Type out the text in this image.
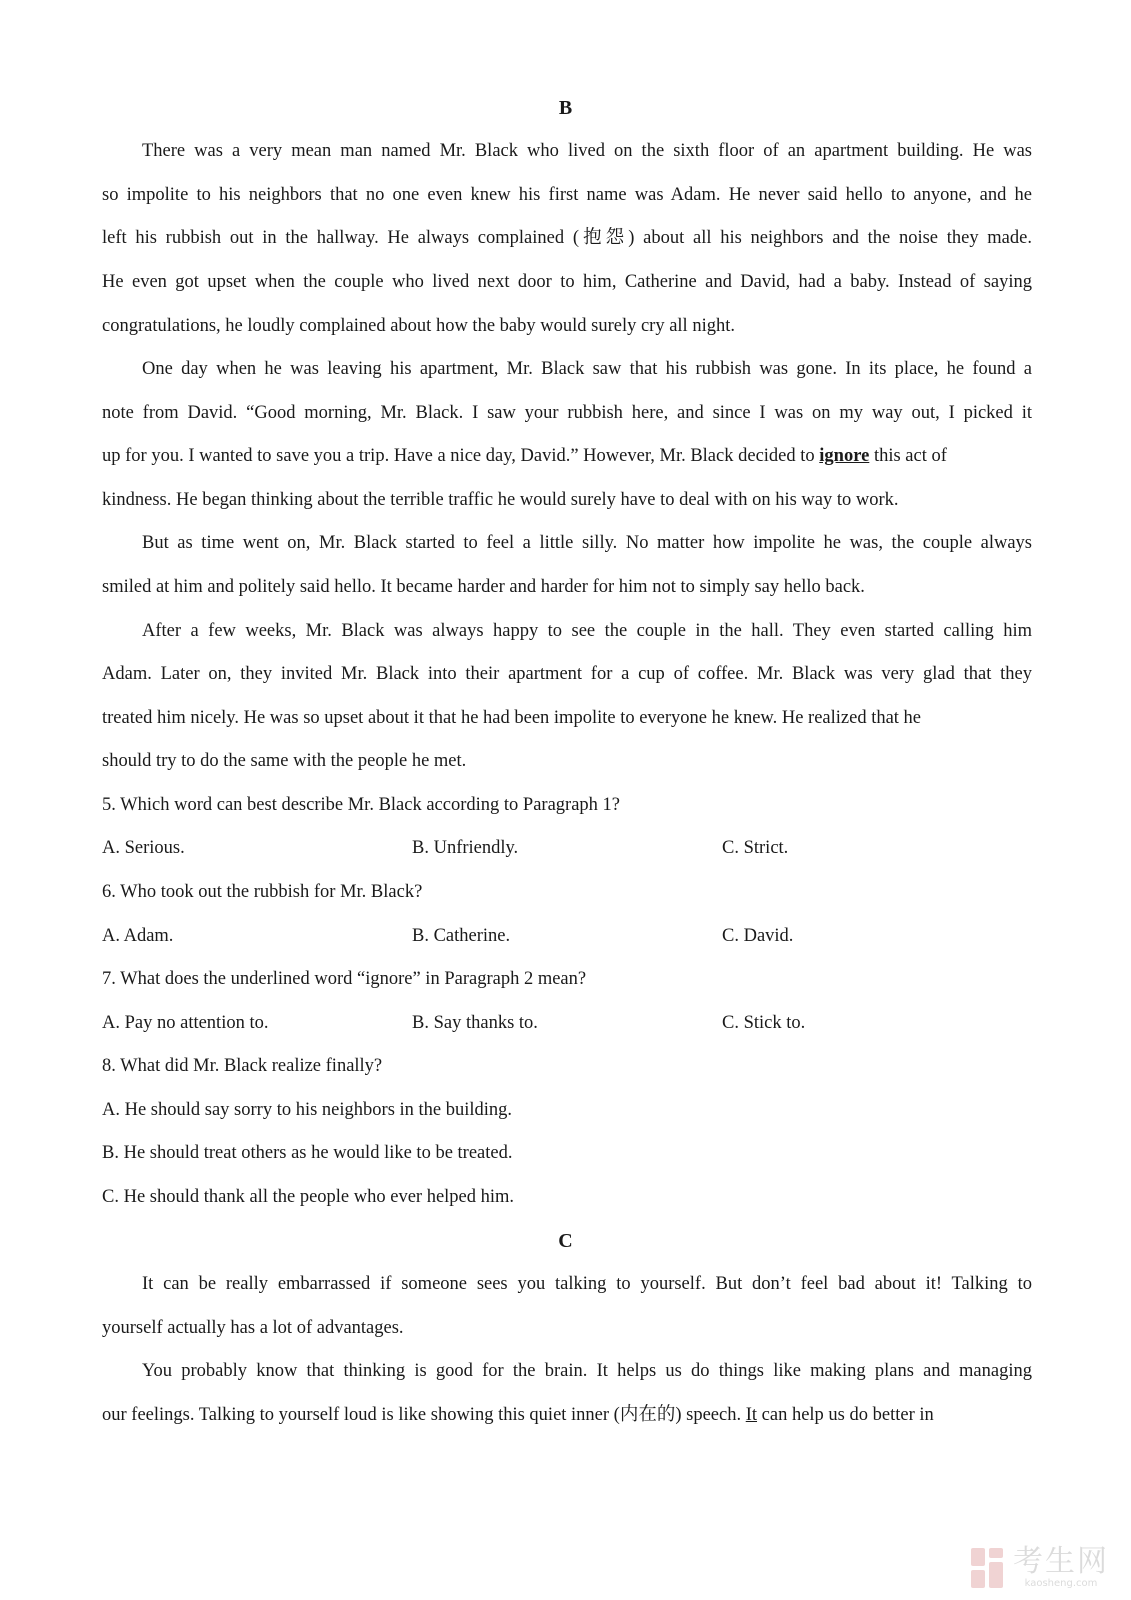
B
There was a very mean man named Mr. Black who lived on the sixth floor of an apartment building. He was
so impolite to his neighbors that no one even knew his first name was Adam. He never said hello to anyone, and he
left his rubbish out in the hallway. He always complained (抱怨) about all his neighbors and the noise they made.
He even got upset when the couple who lived next door to him, Catherine and David, had a baby. Instead of saying
congratulations, he loudly complained about how the baby would surely cry all night.
One day when he was leaving his apartment, Mr. Black saw that his rubbish was gone. In its place, he found a
note from David. “Good morning, Mr. Black. I saw your rubbish here, and since I was on my way out, I picked it
up for you. I wanted to save you a trip. Have a nice day, David.” However, Mr. Black decided to ignore this act of
kindness. He began thinking about the terrible traffic he would surely have to deal with on his way to work.
But as time went on, Mr. Black started to feel a little silly. No matter how impolite he was, the couple always
smiled at him and politely said hello. It became harder and harder for him not to simply say hello back.
After a few weeks, Mr. Black was always happy to see the couple in the hall. They even started calling him
Adam. Later on, they invited Mr. Black into their apartment for a cup of coffee. Mr. Black was very glad that they
treated him nicely. He was so upset about it that he had been impolite to everyone he knew. He realized that he
should try to do the same with the people he met.
5. Which word can best describe Mr. Black according to Paragraph 1?
A. Serious.	B. Unfriendly.	C. Strict.
6. Who took out the rubbish for Mr. Black?
A. Adam.	B. Catherine.	C. David.
7. What does the underlined word “ignore” in Paragraph 2 mean?
A. Pay no attention to.	B. Say thanks to.	C. Stick to.
8. What did Mr. Black realize finally?
A. He should say sorry to his neighbors in the building.
B. He should treat others as he would like to be treated.
C. He should thank all the people who ever helped him.
C
It can be really embarrassed if someone sees you talking to yourself. But don’t feel bad about it! Talking to
yourself actually has a lot of advantages.
You probably know that thinking is good for the brain. It helps us do things like making plans and managing
our feelings. Talking to yourself loud is like showing this quiet inner (内在的) speech. It can help us do better in
考生网
kaosheng.com
